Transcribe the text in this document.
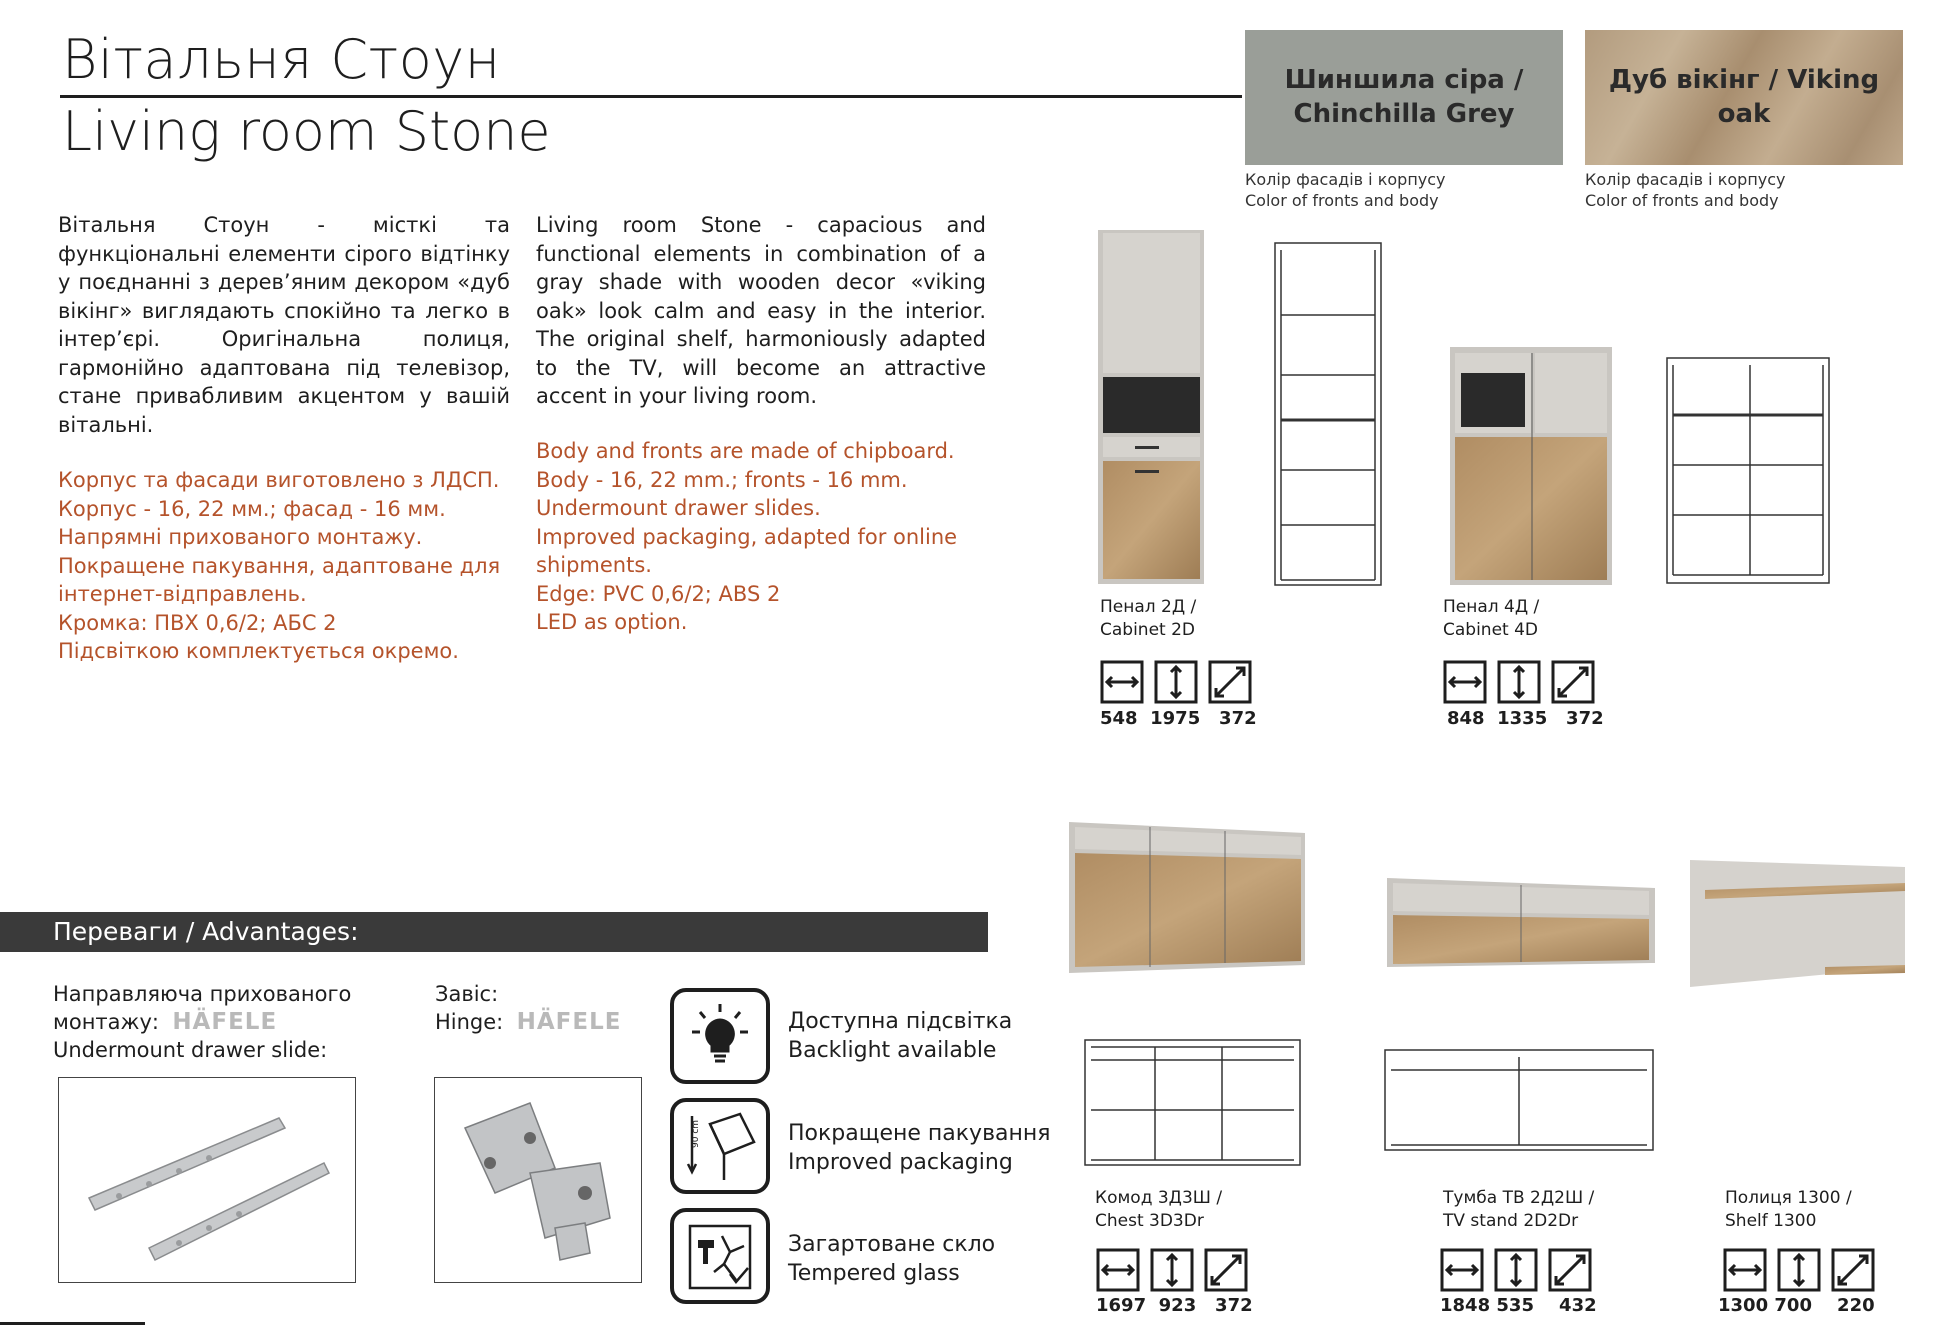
Вітальня Стоун
Living room Stone
Шиншила сіра /
Chinchilla Grey
Колір фасадів і корпусу
Color of fronts and body
Дуб вікінг / Viking oak
Колір фасадів і корпусу
Color of fronts and body
Вітальня Стоун - місткі та функціональні елементи сірого відтінку у поєднанні з дерев’яним декором «дуб вікінг» виглядають спокійно та легко в інтер’єрі. Оригінальна полиця, гармонійно адаптована під телевізор, стане привабливим акцентом у вашій вітальні.
Living room Stone - capacious and functional elements in combination of a gray shade with wooden decor «viking oak» look calm and easy in the interior. The original shelf, harmoniously adapted to the TV, will become an attractive accent in your living room.
Корпус та фасади виготовлено з ЛДСП.
Корпус - 16, 22 мм.; фасад - 16 мм.
Напрямні прихованого монтажу.
Покращене пакування, адаптоване для інтернет-відправлень.
Кромка: ПВХ 0,6/2; АБС 2
Підсвіткою комплектується окремо.
Body and fronts are made of chipboard.
Body - 16, 22 mm.; fronts - 16 mm.
Undermount drawer slides.
Improved packaging, adapted for online shipments.
Edge: PVC 0,6/2; ABS 2
LED as option.
Пенал 2Д /
Cabinet 2D
Пенал 4Д /
Cabinet 4D
548 1975 372	848 1335 372
Комод 3Д3Ш /
Chest 3D3Dr
Тумба ТВ 2Д2Ш /
TV stand 2D2Dr
Полиця 1300 /
Shelf 1300
1697 923 372	1848 535 432	1300 700 220
Переваги / Advantages:
Направляюча прихованого
монтажу: HÄFELE
Undermount drawer slide:
Завіс:
Hinge: HÄFELE	Доступна підсвітка
Backlight available
90 cm	Покращене пакування
Improved packaging
Загартоване скло
Tempered glass
